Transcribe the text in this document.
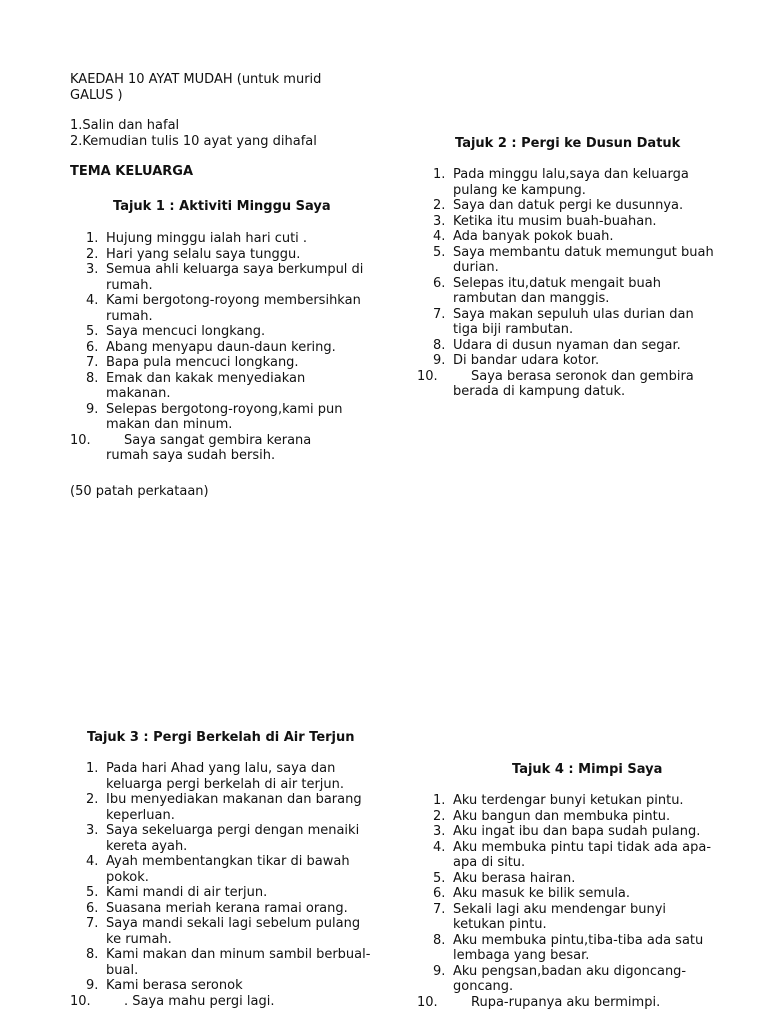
KAEDAH 10 AYAT MUDAH (untuk murid
GALUS )
1.Salin dan hafal
2.Kemudian tulis 10 ayat yang dihafal
TEMA KELUARGA
Tajuk 1 : Aktiviti Minggu Saya
1. Hujung minggu ialah hari cuti .
2. Hari yang selalu saya tunggu.
3. Semua ahli keluarga saya berkumpul di
rumah.
4. Kami bergotong-royong membersihkan
rumah.
5. Saya mencuci longkang.
6. Abang menyapu daun-daun kering.
7. Bapa pula mencuci longkang.
8. Emak dan kakak menyediakan
makanan.
9. Selepas bergotong-royong,kami pun
makan dan minum.
10.	Saya sangat gembira kerana
rumah saya sudah bersih.
(50 patah perkataan)
Tajuk 2 : Pergi ke Dusun Datuk
1. Pada minggu lalu,saya dan keluarga
pulang ke kampung.
2. Saya dan datuk pergi ke dusunnya.
3. Ketika itu musim buah-buahan.
4. Ada banyak pokok buah.
5. Saya membantu datuk memungut buah
durian.
6. Selepas itu,datuk mengait buah
rambutan dan manggis.
7. Saya makan sepuluh ulas durian dan
tiga biji rambutan.
8. Udara di dusun nyaman dan segar.
9. Di bandar udara kotor.
10.	Saya berasa seronok dan gembira
berada di kampung datuk.
Tajuk 3 : Pergi Berkelah di Air Terjun
1. Pada hari Ahad yang lalu, saya dan
keluarga pergi berkelah di air terjun.
2. Ibu menyediakan makanan dan barang
keperluan.
3. Saya sekeluarga pergi dengan menaiki
kereta ayah.
4. Ayah membentangkan tikar di bawah
pokok.
5. Kami mandi di air terjun.
6. Suasana meriah kerana ramai orang.
7. Saya mandi sekali lagi sebelum pulang
ke rumah.
8. Kami makan dan minum sambil berbual-
bual.
9. Kami berasa seronok
10.	. Saya mahu pergi lagi.
Tajuk 4 : Mimpi Saya
1. Aku terdengar bunyi ketukan pintu.
2. Aku bangun dan membuka pintu.
3. Aku ingat ibu dan bapa sudah pulang.
4. Aku membuka pintu tapi tidak ada apa-
apa di situ.
5. Aku berasa hairan.
6. Aku masuk ke bilik semula.
7. Sekali lagi aku mendengar bunyi
ketukan pintu.
8. Aku membuka pintu,tiba-tiba ada satu
lembaga yang besar.
9. Aku pengsan,badan aku digoncang-
goncang.
10.	Rupa-rupanya aku bermimpi.
